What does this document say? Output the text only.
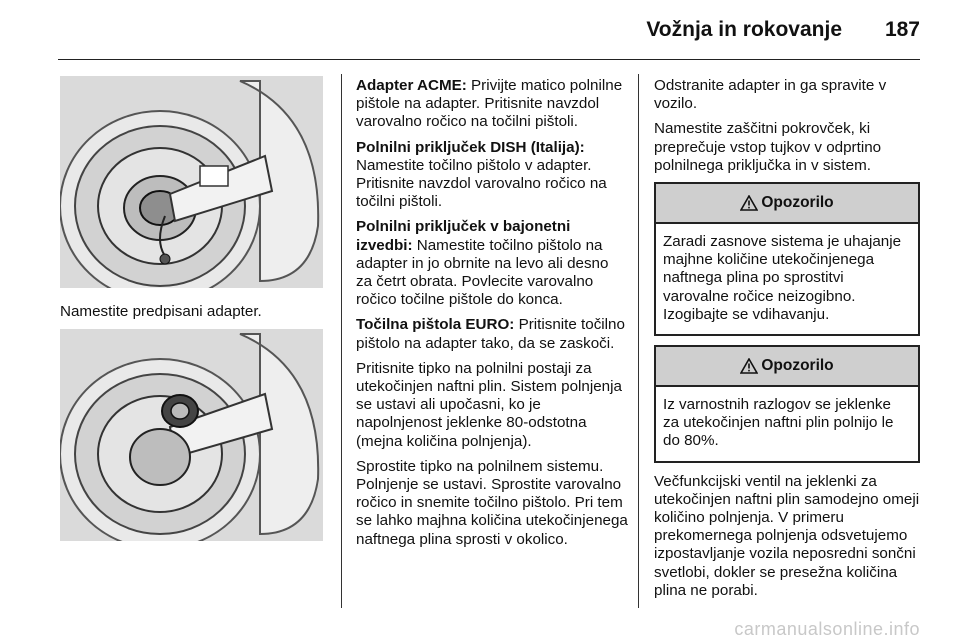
Vožnja in rokovanje 187
Namestite predpisani adapter.

Adapter ACME: Privijte matico polnilne pištole na adapter. Pritisnite navzdol varovalno ročico na točilni pištoli.

Polnilni priključek DISH (Italija): Namestite točilno pištolo v adapter. Pritisnite navzdol varovalno ročico na točilni pištoli.

Polnilni priključek v bajonetni izvedbi: Namestite točilno pištolo na adapter in jo obrnite na levo ali desno za četrt obrata. Povlecite varovalno ročico točilne pištole do konca.

Točilna pištola EURO: Pritisnite točilno pištolo na adapter tako, da se zaskoči.

Pritisnite tipko na polnilni postaji za utekočinjen naftni plin. Sistem polnjenja se ustavi ali upočasni, ko je napolnjenost jeklenke 80-odstotna (mejna količina polnjenja).

Sprostite tipko na polnilnem sistemu. Polnjenje se ustavi. Sprostite varovalno ročico in snemite točilno pištolo. Pri tem se lahko majhna količina utekočinjenega naftnega plina sprosti v okolico.

Odstranite adapter in ga spravite v vozilo.

Namestite zaščitni pokrovček, ki preprečuje vstop tujkov v odprtino polnilnega priključka in v sistem.

Opozorilo
Zaradi zasnove sistema je uhajanje majhne količine utekočinjenega naftnega plina po sprostitvi varovalne ročice neizogibno. Izogibajte se vdihavanju.
Opozorilo
Iz varnostnih razlogov se jeklenke za utekočinjen naftni plin polnijo le do 80%.

Večfunkcijski ventil na jeklenki za utekočinjen naftni plin samodejno omeji količino polnjenja. V primeru prekomernega polnjenja odsvetujemo izpostavljanje vozila neposredni sončni svetlobi, dokler se presežna količina plina ne porabi.

carmanualsonline.info
